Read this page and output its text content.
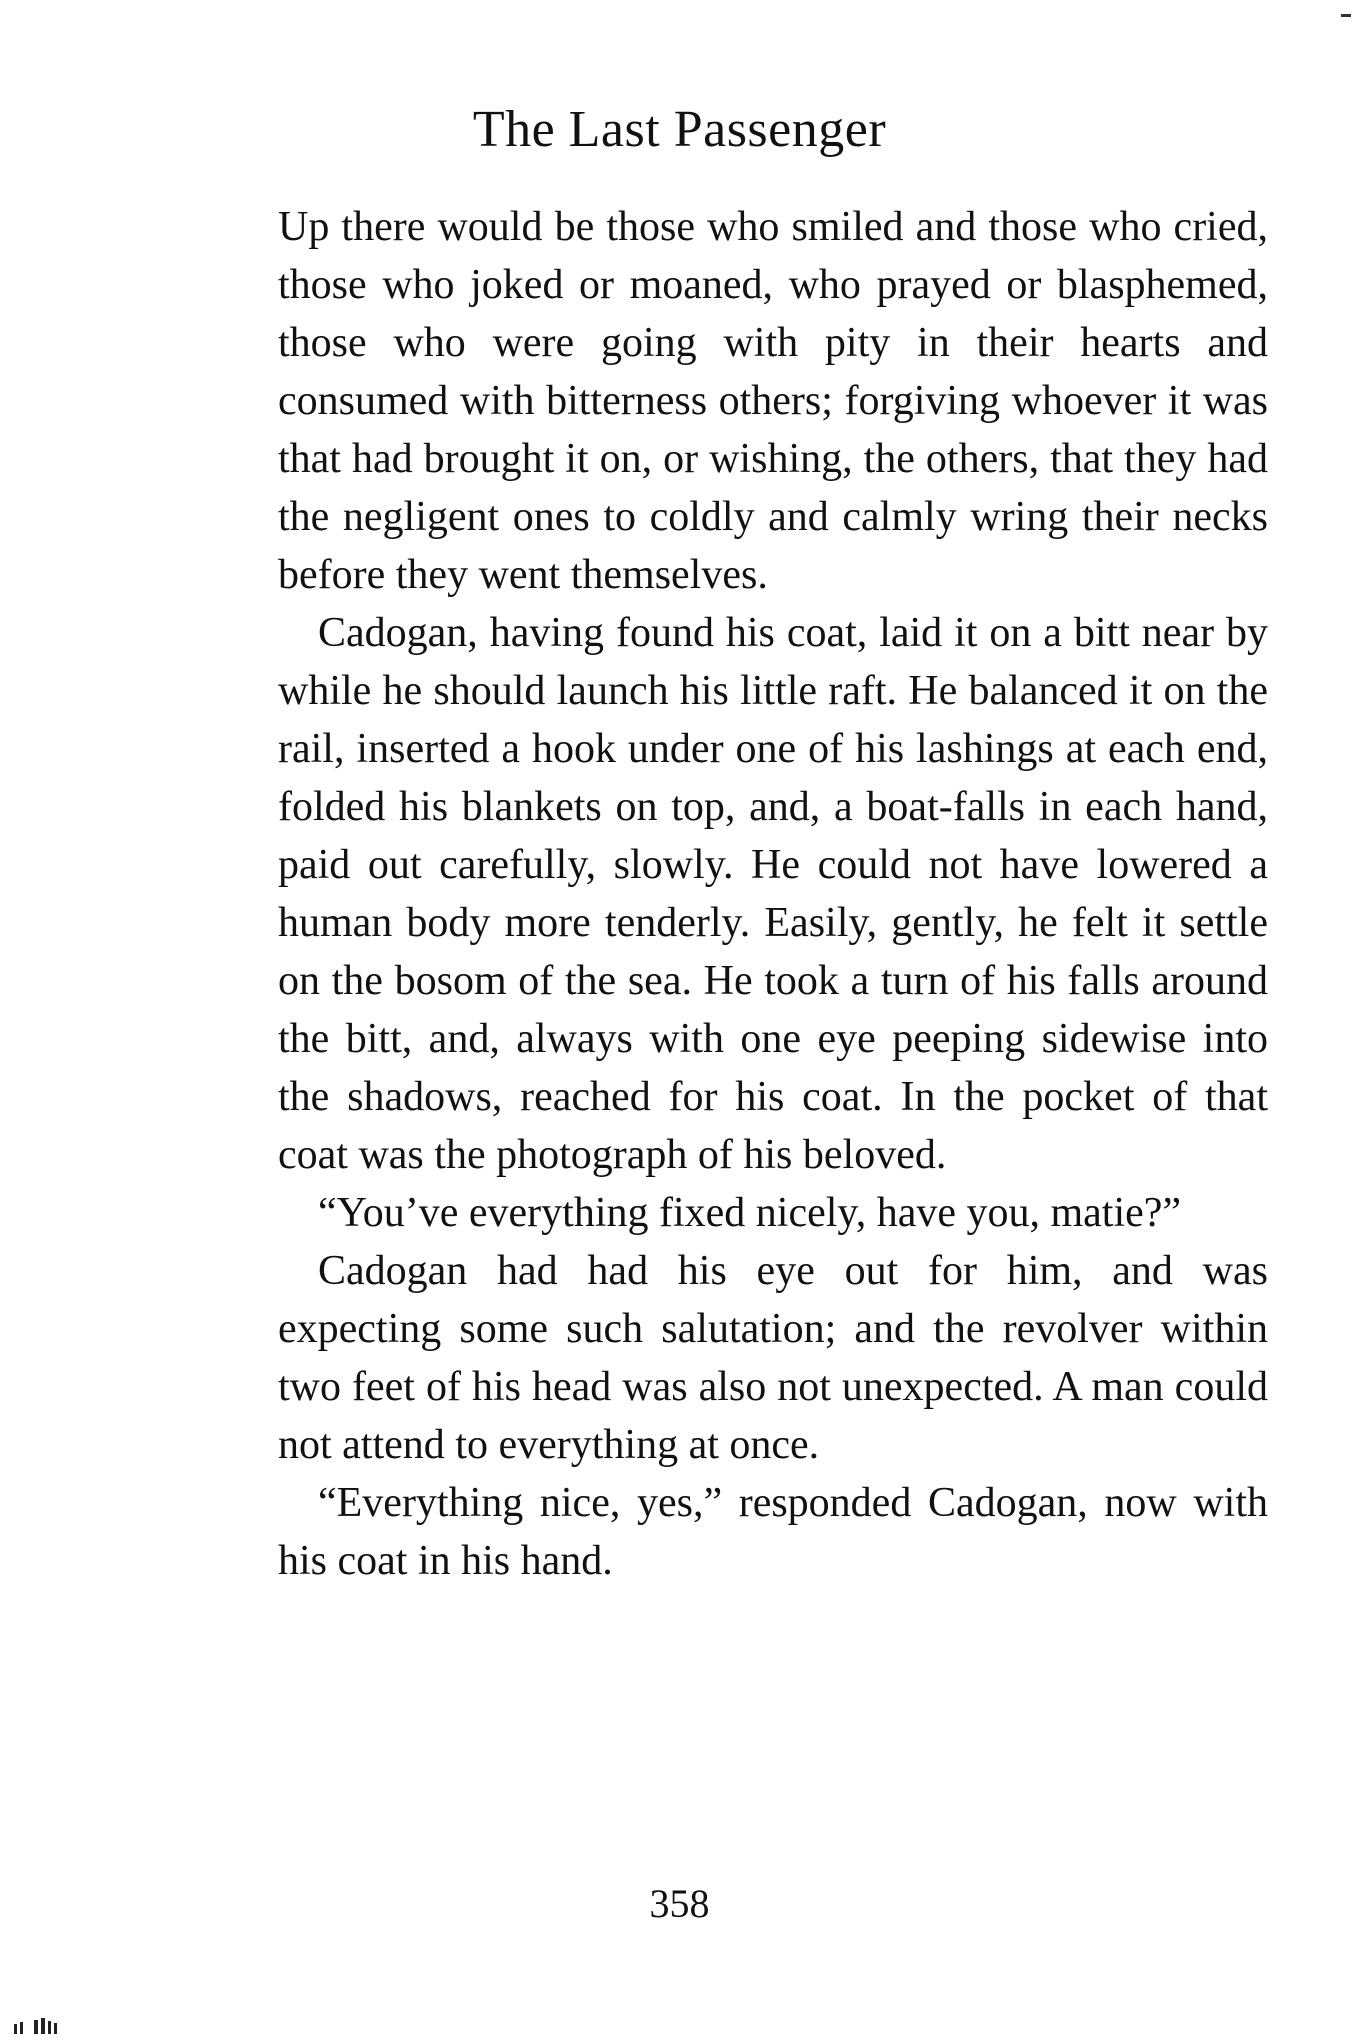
The Last Passenger

Up there would be those who smiled and those who cried, those who joked or moaned, who prayed or blasphemed, those who were going with pity in their hearts and consumed with bitterness others; forgiving whoever it was that had brought it on, or wishing, the others, that they had the negligent ones to coldly and calmly wring their necks before they went themselves.

Cadogan, having found his coat, laid it on a bitt near by while he should launch his little raft. He balanced it on the rail, inserted a hook under one of his lashings at each end, folded his blankets on top, and, a boat-falls in each hand, paid out carefully, slowly. He could not have lowered a human body more tenderly. Easily, gently, he felt it settle on the bosom of the sea. He took a turn of his falls around the bitt, and, always with one eye peeping sidewise into the shadows, reached for his coat. In the pocket of that coat was the photograph of his beloved.

“You’ve everything fixed nicely, have you, matie?”

Cadogan had had his eye out for him, and was expecting some such salutation; and the revolver within two feet of his head was also not unexpected. A man could not attend to everything at once.

“Everything nice, yes,” responded Cadogan, now with his coat in his hand.

358
